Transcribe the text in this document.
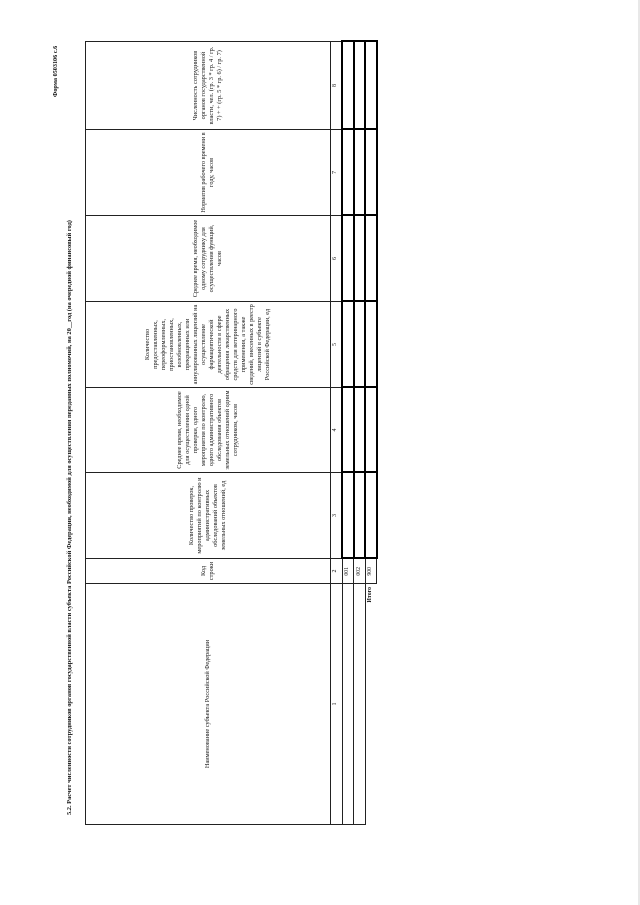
5.2. Расчет численности сотрудников органов государственной власти субъекта Российской Федерации, необходимой для осуществления переданных полномочий, на 20__год (на очередной финансовый год)
Форма 0503106 с.6
Наименование субъекта Российской Федерации	Код строки	Количество проверок, мероприятий по контролю и административных обследований объектов земельных отношений, ед	Среднее время, необходимое для осуществления одной проверки, одного мероприятия по контролю, одного административного обследования объектов земельных отношений одним сотрудником, часов	Количество предоставленных, переоформленных, приостановленных, возобновленных, прекращенных или аннулированных лицензий на осуществление фармацевтической деятельности в сфере обращения лекарственных средств для ветеринарного применения, а также сведений, внесенных в реестр лицензий в субъекте Российской Федерации, ед	Среднее время, необходимое одному сотруднику для осуществления функций, часов	Норматив рабочего времени в году, часов	Численность сотрудников органов государственной власти, чел. (гр. 3 * гр. 4 / гр. 7) + + (гр. 5 * гр. 6) / гр. 7)
1	2	3	4	5	6	7	8
	001						
	002						
Итого	900						
